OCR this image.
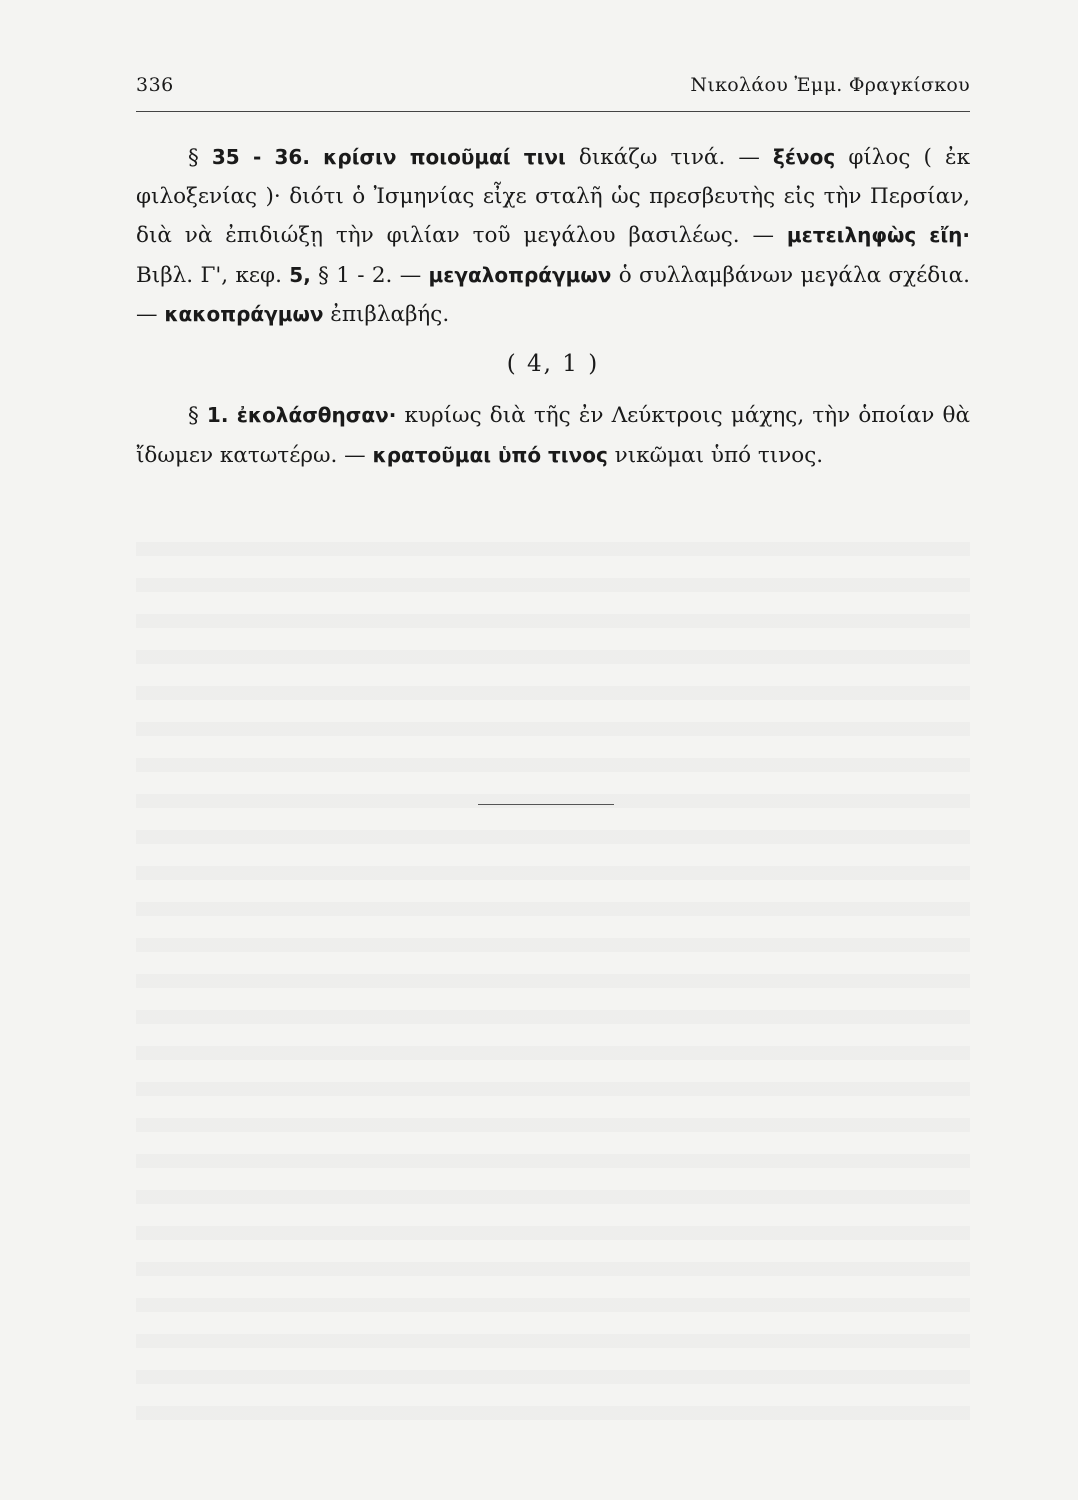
336	Νικολάου Ἐμμ. Φραγκίσκου

§ 35 - 36. κρίσιν ποιοῦμαί τινι δικάζω τινά. — ξένος φίλος ( ἐκ φιλοξενίας )· διότι ὁ Ἰσμηνίας εἶχε σταλῆ ὡς πρεσβευτὴς εἰς τὴν Περσίαν, διὰ νὰ ἐπιδιώξῃ τὴν φιλίαν τοῦ μεγάλου βασιλέως. — μετειληφὼς εἴη· Βιβλ. Γ', κεφ. 5, § 1 - 2. — μεγαλοπράγμων ὁ συλλαμβάνων μεγάλα σχέδια. — κακοπράγμων ἐπιβλαβής.

( 4, 1 )

§ 1. ἐκολάσθησαν· κυρίως διὰ τῆς ἐν Λεύκτροις μάχης, τὴν ὁποίαν θὰ ἴδωμεν κατωτέρω. — κρατοῦμαι ὑπό τινος νικῶμαι ὑπό τινος.
